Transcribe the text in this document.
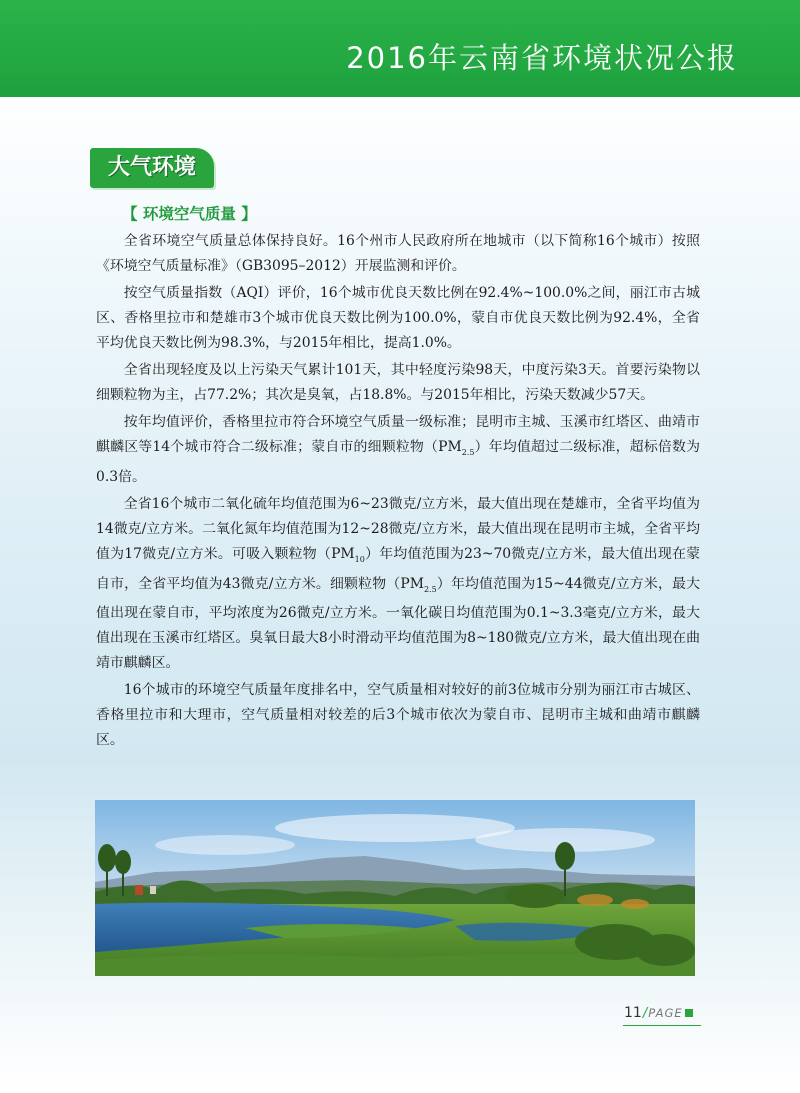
2016年云南省环境状况公报
大气环境
【 环境空气质量 】

全省环境空气质量总体保持良好。16个州市人民政府所在地城市（以下简称16个城市）按照《环境空气质量标准》（GB3095–2012）开展监测和评价。

按空气质量指数（AQI）评价，16个城市优良天数比例在92.4%~100.0%之间，丽江市古城区、香格里拉市和楚雄市3个城市优良天数比例为100.0%，蒙自市优良天数比例为92.4%，全省平均优良天数比例为98.3%，与2015年相比，提高1.0%。

全省出现轻度及以上污染天气累计101天，其中轻度污染98天，中度污染3天。首要污染物以细颗粒物为主，占77.2%；其次是臭氧，占18.8%。与2015年相比，污染天数减少57天。

按年均值评价，香格里拉市符合环境空气质量一级标准；昆明市主城、玉溪市红塔区、曲靖市麒麟区等14个城市符合二级标准；蒙自市的细颗粒物$(PM_{2.5})$年均值超过二级标准，超标倍数为0.3倍。

全省16个城市二氧化硫年均值范围为6~23微克/立方米，最大值出现在楚雄市，全省平均值为14微克/立方米。二氧化氮年均值范围为12~28微克/立方米，最大值出现在昆明市主城，全省平均值为17微克/立方米。可吸入颗粒物$(PM_{10})$年均值范围为23~70微克/立方米，最大值出现在蒙自市，全省平均值为43微克/立方米。细颗粒物$(PM_{2.5})$年均值范围为15~44微克/立方米，最大值出现在蒙自市，平均浓度为26微克/立方米。一氧化碳日均值范围为0.1~3.3毫克/立方米，最大值出现在玉溪市红塔区。臭氧日最大8小时滑动平均值范围为8~180微克/立方米，最大值出现在曲靖市麒麟区。

16个城市的环境空气质量年度排名中，空气质量相对较好的前3位城市分别为丽江市古城区、香格里拉市和大理市，空气质量相对较差的后3个城市依次为蒙自市、昆明市主城和曲靖市麒麟区。

11/PAGE
